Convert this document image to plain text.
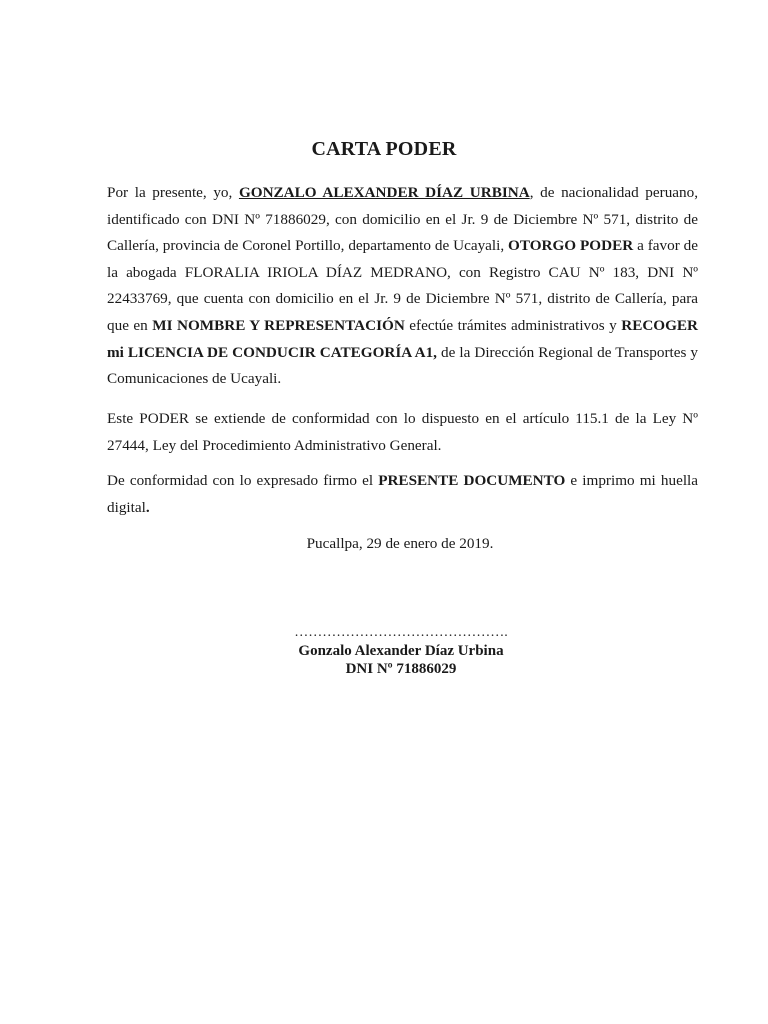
CARTA PODER

Por la presente, yo, GONZALO ALEXANDER DÍAZ URBINA, de nacionalidad peruano, identificado con DNI Nº 71886029, con domicilio en el Jr. 9 de Diciembre Nº 571, distrito de Callería, provincia de Coronel Portillo, departamento de Ucayali, OTORGO PODER a favor de la abogada FLORALIA IRIOLA DÍAZ MEDRANO, con Registro CAU Nº 183, DNI Nº 22433769, que cuenta con domicilio en el Jr. 9 de Diciembre Nº 571, distrito de Callería, para que en MI NOMBRE Y REPRESENTACIÓN efectúe trámites administrativos y RECOGER mi LICENCIA DE CONDUCIR CATEGORÍA A1, de la Dirección Regional de Transportes y Comunicaciones de Ucayali.

Este PODER se extiende de conformidad con lo dispuesto en el artículo 115.1 de la Ley Nº 27444, Ley del Procedimiento Administrativo General.

De conformidad con lo expresado firmo el PRESENTE DOCUMENTO e imprimo mi huella digital.

Pucallpa, 29 de enero de 2019.
……………………………………….
Gonzalo Alexander Díaz Urbina
DNI Nº 71886029
